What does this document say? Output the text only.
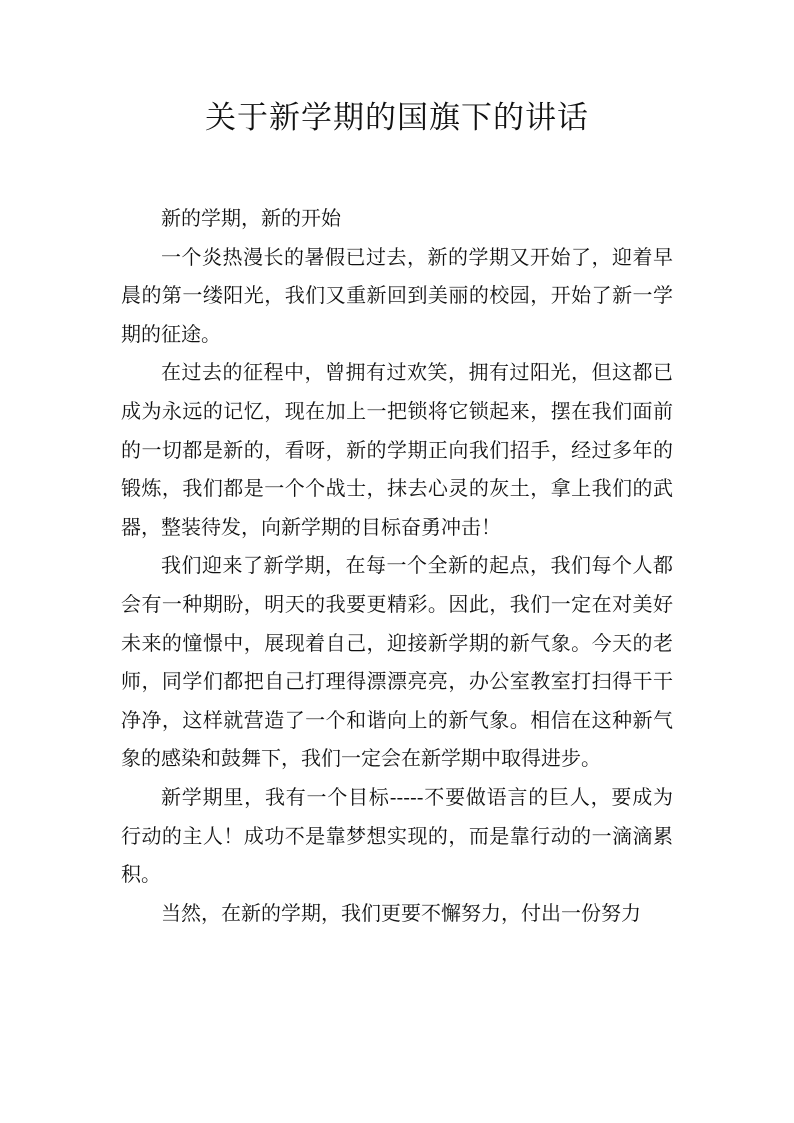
关于新学期的国旗下的讲话

新的学期，新的开始

一个炎热漫长的暑假已过去，新的学期又开始了，迎着早晨的第一缕阳光，我们又重新回到美丽的校园，开始了新一学期的征途。

在过去的征程中，曾拥有过欢笑，拥有过阳光，但这都已成为永远的记忆，现在加上一把锁将它锁起来，摆在我们面前的一切都是新的，看呀，新的学期正向我们招手，经过多年的锻炼，我们都是一个个战士，抹去心灵的灰土，拿上我们的武器，整装待发，向新学期的目标奋勇冲击！

我们迎来了新学期，在每一个全新的起点，我们每个人都会有一种期盼，明天的我要更精彩。因此，我们一定在对美好未来的憧憬中，展现着自己，迎接新学期的新气象。今天的老师，同学们都把自己打理得漂漂亮亮，办公室教室打扫得干干净净，这样就营造了一个和谐向上的新气象。相信在这种新气象的感染和鼓舞下，我们一定会在新学期中取得进步。

新学期里，我有一个目标-----不要做语言的巨人，要成为行动的主人！成功不是靠梦想实现的，而是靠行动的一滴滴累积。

当然，在新的学期，我们更要不懈努力，付出一份努力
